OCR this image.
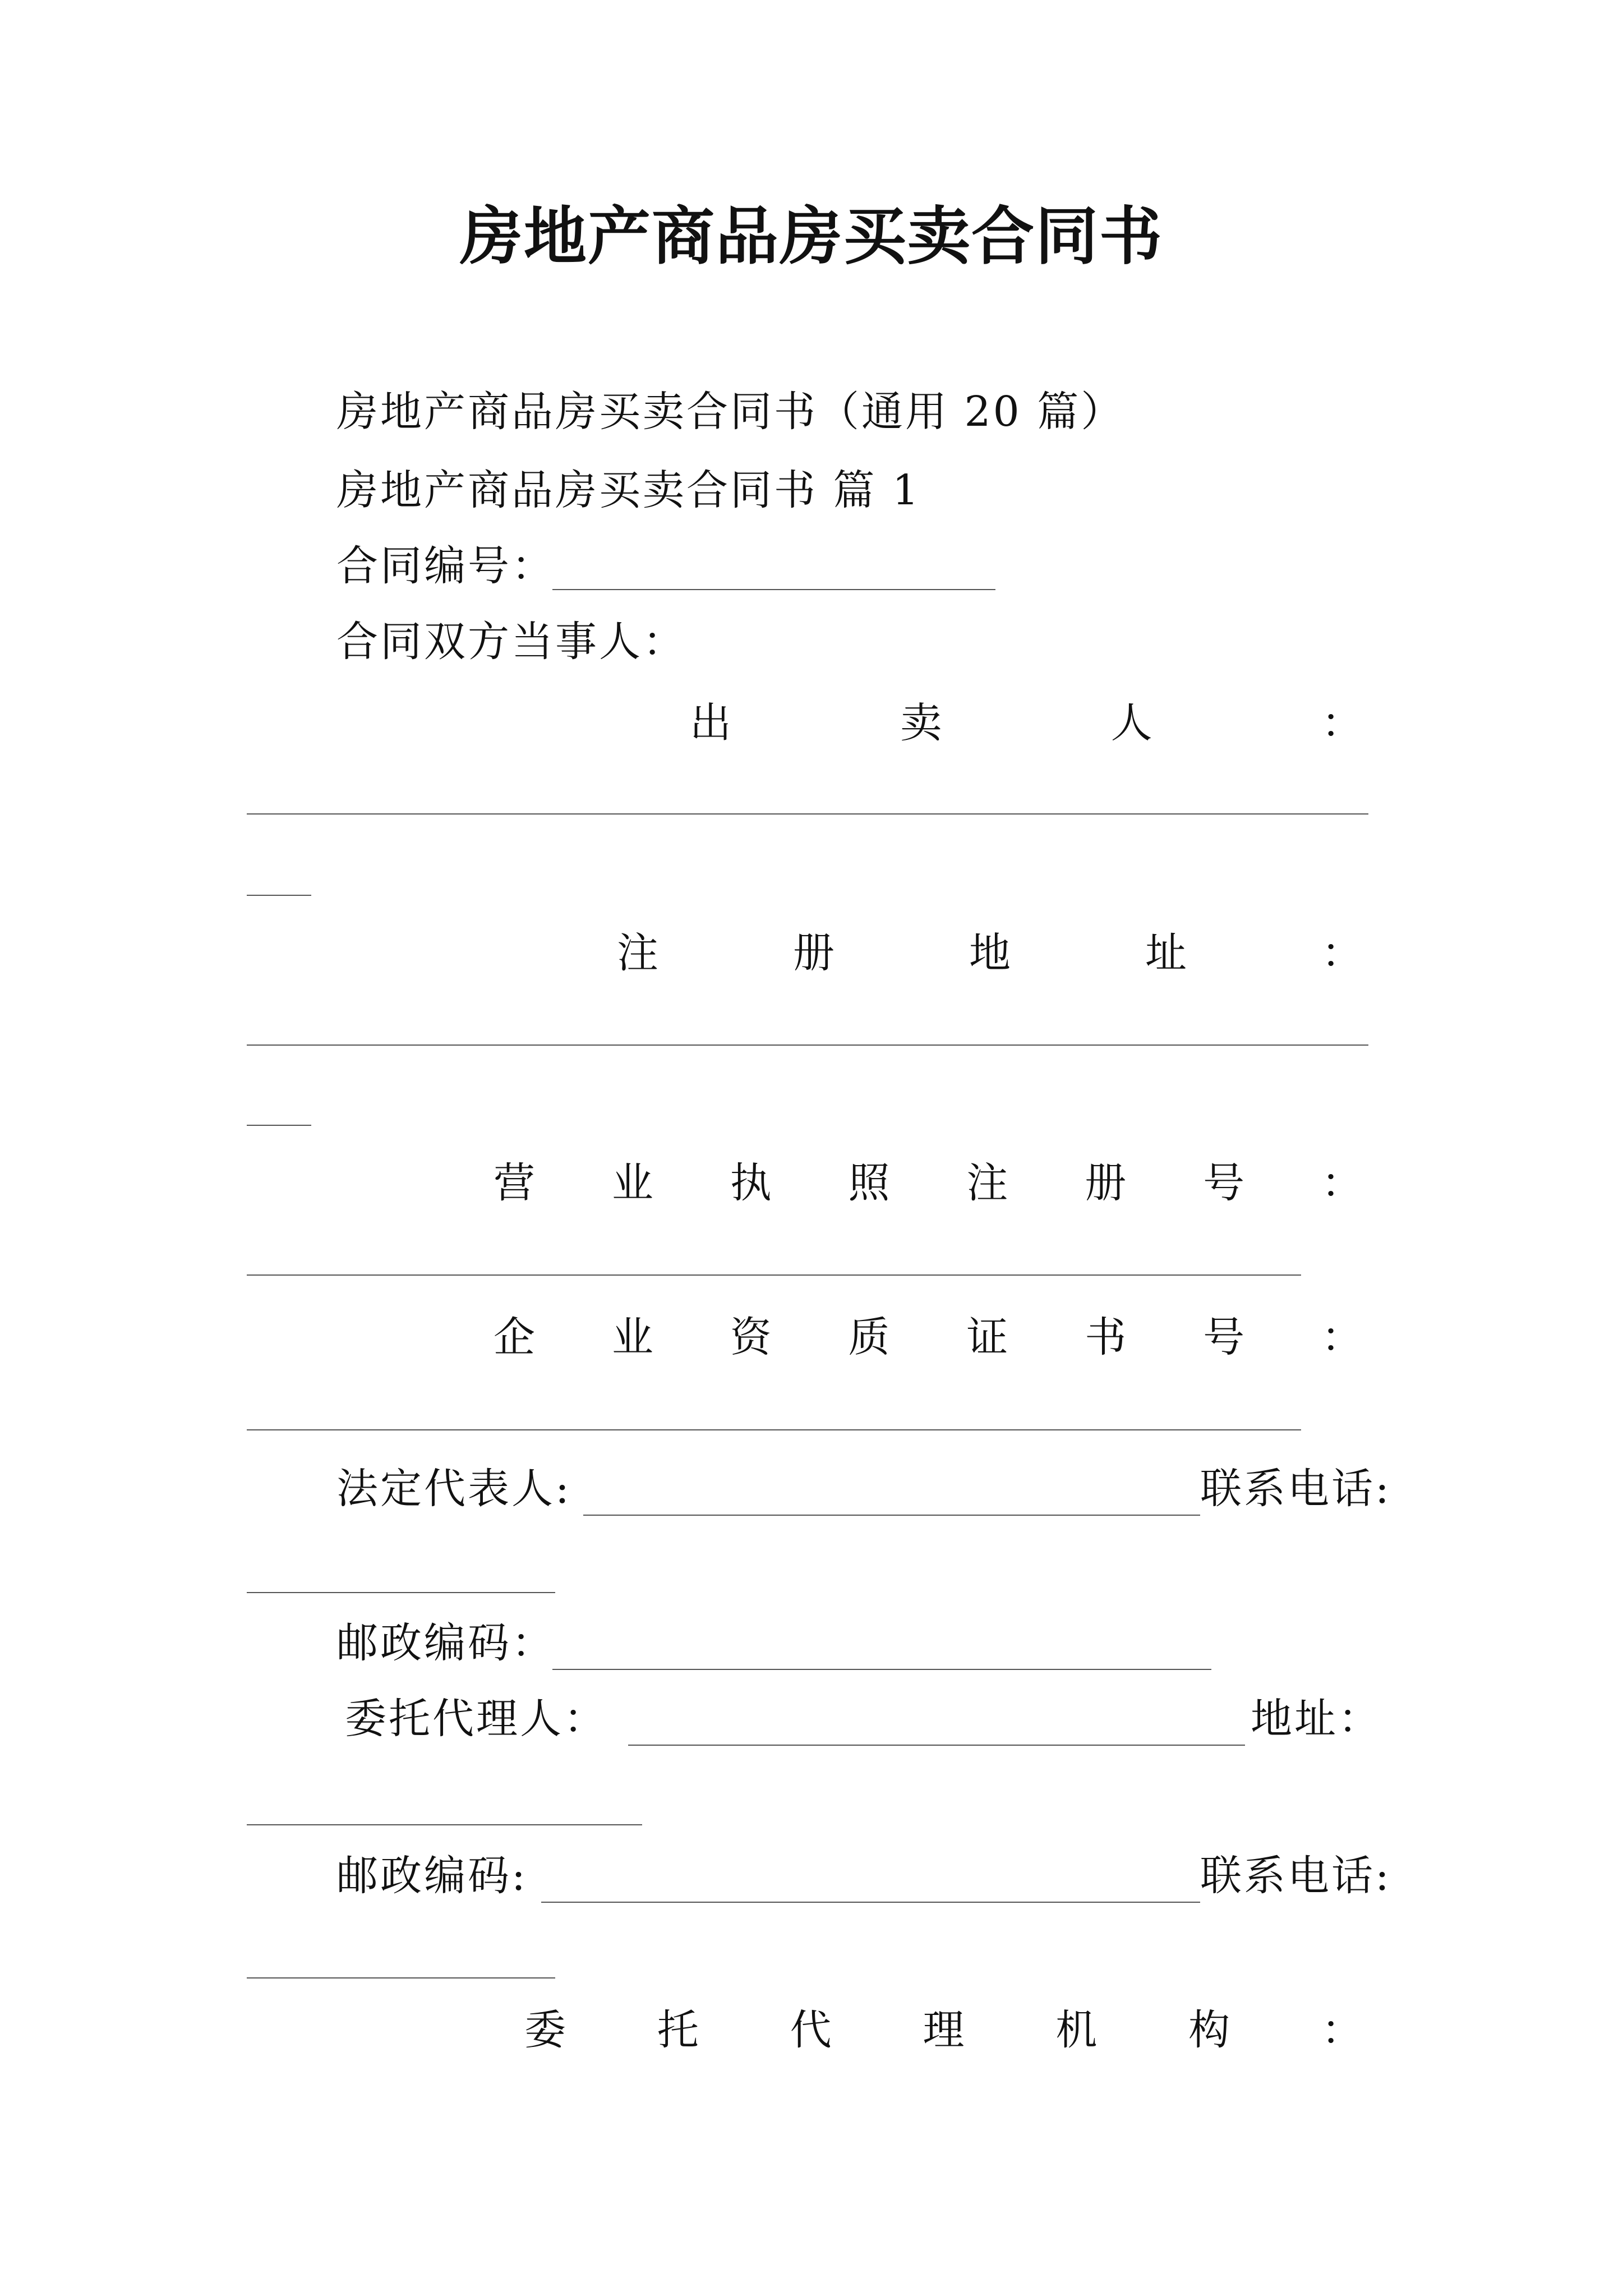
房地产商品房买卖合同书
房地产商品房买卖合同书（通用 20 篇）
房地产商品房买卖合同书 篇 1
合同编号：
合同双方当事人：
出	卖	人	：
注	册	地	址	：
营 业 执 照 注 册 号 ：
企 业 资 质 证 书 号 ：
法定代表人:	联系电话:
邮政编码：
委托代理人：	地址：
邮政编码:	联系电话:
委 托 代 理 机 构 ：
